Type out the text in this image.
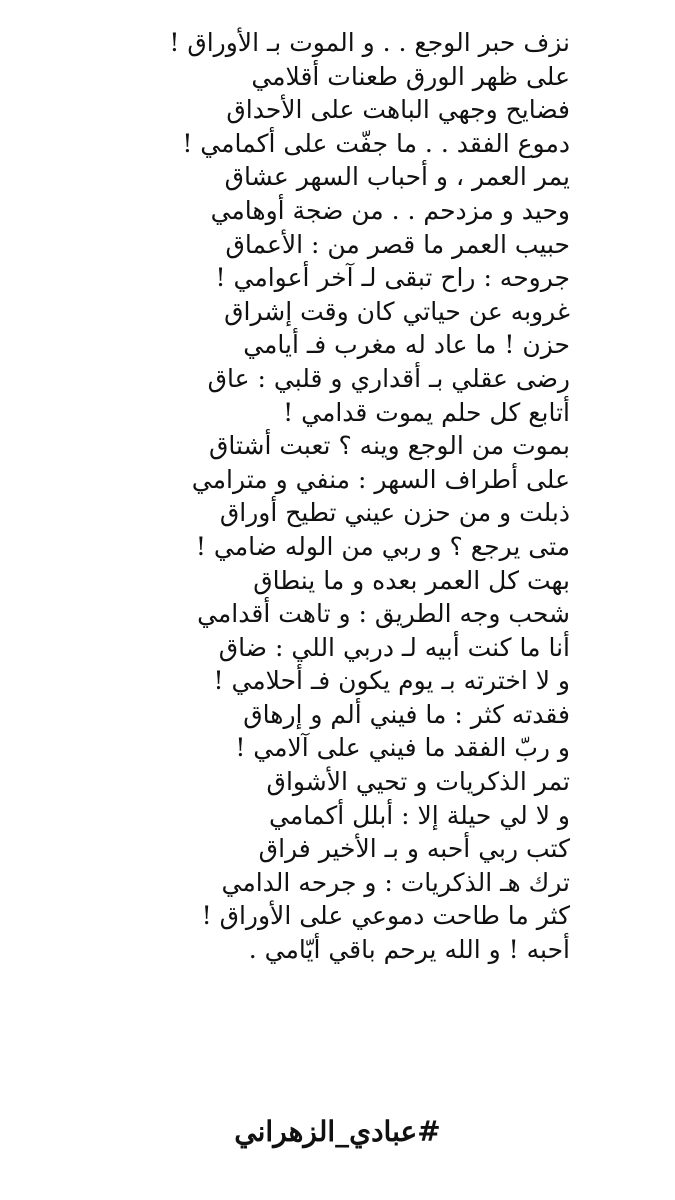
نزف حبر الوجع . . و الموت بـ الأوراق !
على ظهر الورق طعنات أقلامي
فضايح وجهي الباهت على الأحداق
دموع الفقد . . ما جفّت على أكمامي !
يمر العمر ، و أحباب السهر عشاق
وحيد و مزدحم . . من ضجة أوهامي
حبيب العمر ما قصر من : الأعماق
جروحه : راح تبقى لـ آخر أعوامي !
غروبه عن حياتي كان وقت إشراق
حزن ! ما عاد له مغرب فـ أيامي
رضى عقلي بـ أقداري و قلبي : عاق
أتابع كل حلم يموت قدامي !
بموت من الوجع وينه ؟ تعبت أشتاق
على أطراف السهر : منفي و مترامي
ذبلت و من حزن عيني تطيح أوراق
متى يرجع ؟ و ربي من الوله ضامي !
بهت كل العمر بعده و ما ينطاق
شحب وجه الطريق : و تاهت أقدامي
أنا ما كنت أبيه لـ دربي اللي : ضاق
و لا اخترته بـ يوم يكون فـ أحلامي !
فقدته كثر : ما فيني ألم و إرهاق
و ربّ الفقد ما فيني على آلامي !
تمر الذكريات و تحيي الأشواق
و لا لي حيلة إلا : أبلل أكمامي
كتب ربي أحبه و بـ الأخير فراق
ترك هـ الذكريات : و جرحه الدامي
كثر ما طاحت دموعي على الأوراق !
أحبه ! و الله يرحم باقي أيّامي .
#عبادي_الزهراني
